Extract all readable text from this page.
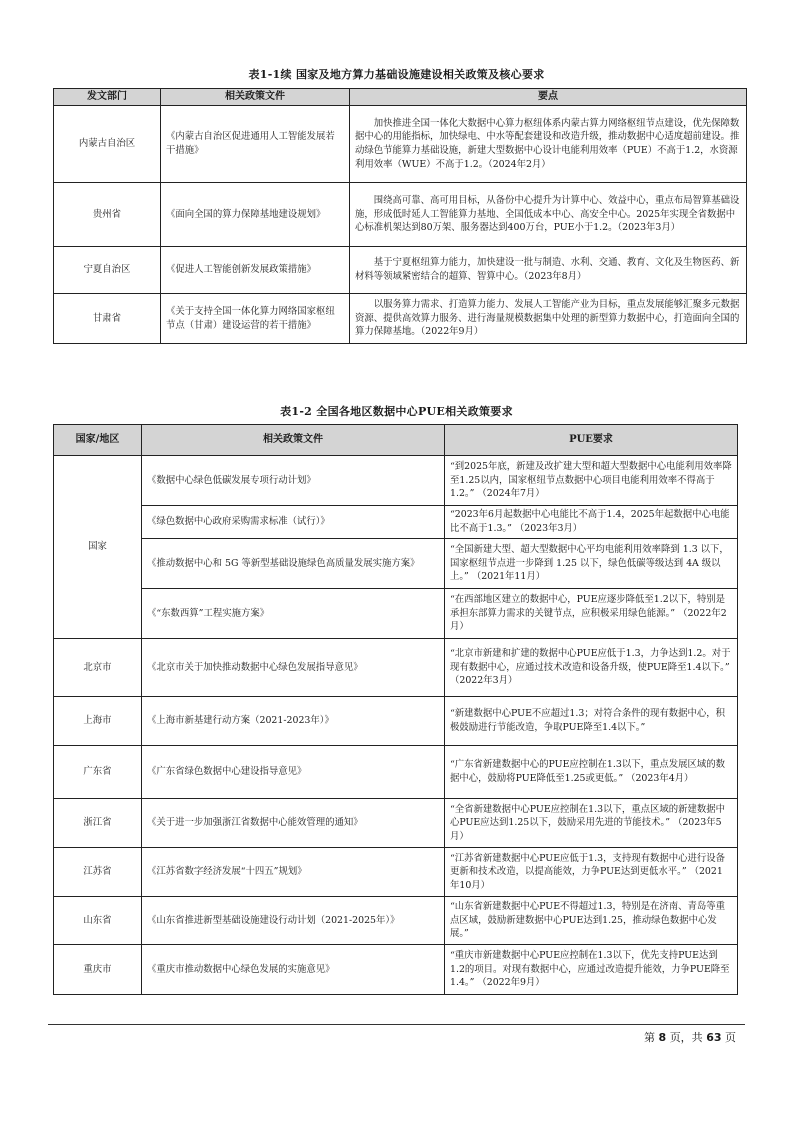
表1-1续 国家及地方算力基础设施建设相关政策及核心要求
发文部门	相关政策文件	要点
内蒙古自治区	《内蒙古自治区促进通用人工智能发展若干措施》	加快推进全国一体化大数据中心算力枢纽体系内蒙古算力网络枢纽节点建设，优先保障数据中心的用能指标，加快绿电、中水等配套建设和改造升级，推动数据中心适度超前建设。推动绿色节能算力基础设施，新建大型数据中心设计电能利用效率（PUE）不高于1.2，水资源利用效率（WUE）不高于1.2。（2024年2月）
贵州省	《面向全国的算力保障基地建设规划》	围绕高可靠、高可用目标，从备份中心提升为计算中心、效益中心，重点布局智算基础设施，形成低时延人工智能算力基地、全国低成本中心、高安全中心。2025年实现全省数据中心标准机架达到80万架、服务器达到400万台，PUE小于1.2。（2023年3月）
宁夏自治区	《促进人工智能创新发展政策措施》	基于宁夏枢纽算力能力，加快建设一批与制造、水利、交通、教育、文化及生物医药、新材料等领域紧密结合的超算、智算中心。（2023年8月）
甘肃省	《关于支持全国一体化算力网络国家枢纽节点（甘肃）建设运营的若干措施》	以服务算力需求、打造算力能力、发展人工智能产业为目标，重点发展能够汇聚多元数据资源、提供高效算力服务、进行海量规模数据集中处理的新型算力数据中心，打造面向全国的算力保障基地。（2022年9月）
表1-2 全国各地区数据中心PUE相关政策要求
国家/地区	相关政策文件	PUE要求
国家	《数据中心绿色低碳发展专项行动计划》	“到2025年底，新建及改扩建大型和超大型数据中心电能利用效率降至1.25以内，国家枢纽节点数据中心项目电能利用效率不得高于1.2。” （2024年7月）
	《绿色数据中心政府采购需求标准（试行）》	“2023年6月起数据中心电能比不高于1.4，2025年起数据中心电能比不高于1.3。” （2023年3月）
	《推动数据中心和 5G 等新型基础设施绿色高质量发展实施方案》	“全国新建大型、超大型数据中心平均电能利用效率降到 1.3 以下，国家枢纽节点进一步降到 1.25 以下，绿色低碳等级达到 4A 级以上。” （2021年11月）
	《“东数西算”工程实施方案》	“在西部地区建立的数据中心，PUE应逐步降低至1.2以下，特别是承担东部算力需求的关键节点，应积极采用绿色能源。” （2022年2月）
北京市	《北京市关于加快推动数据中心绿色发展指导意见》	“北京市新建和扩建的数据中心PUE应低于1.3，力争达到1.2。对于现有数据中心，应通过技术改造和设备升级，使PUE降至1.4以下。” （2022年3月）
上海市	《上海市新基建行动方案（2021-2023年）》	“新建数据中心PUE不应超过1.3；对符合条件的现有数据中心，积极鼓励进行节能改造，争取PUE降至1.4以下。”
广东省	《广东省绿色数据中心建设指导意见》	“广东省新建数据中心的PUE应控制在1.3以下，重点发展区域的数据中心，鼓励将PUE降低至1.25或更低。” （2023年4月）
浙江省	《关于进一步加强浙江省数据中心能效管理的通知》	“全省新建数据中心PUE应控制在1.3以下，重点区域的新建数据中心PUE应达到1.25以下，鼓励采用先进的节能技术。” （2023年5月）
江苏省	《江苏省数字经济发展“十四五”规划》	“江苏省新建数据中心PUE应低于1.3，支持现有数据中心进行设备更新和技术改造，以提高能效，力争PUE达到更低水平。” （2021年10月）
山东省	《山东省推进新型基础设施建设行动计划（2021-2025年）》	“山东省新建数据中心PUE不得超过1.3，特别是在济南、青岛等重点区域，鼓励新建数据中心PUE达到1.25，推动绿色数据中心发展。”
重庆市	《重庆市推动数据中心绿色发展的实施意见》	“重庆市新建数据中心PUE应控制在1.3以下，优先支持PUE达到1.2的项目。对现有数据中心，应通过改造提升能效，力争PUE降至1.4。” （2022年9月）
第 8 页，共 63 页
